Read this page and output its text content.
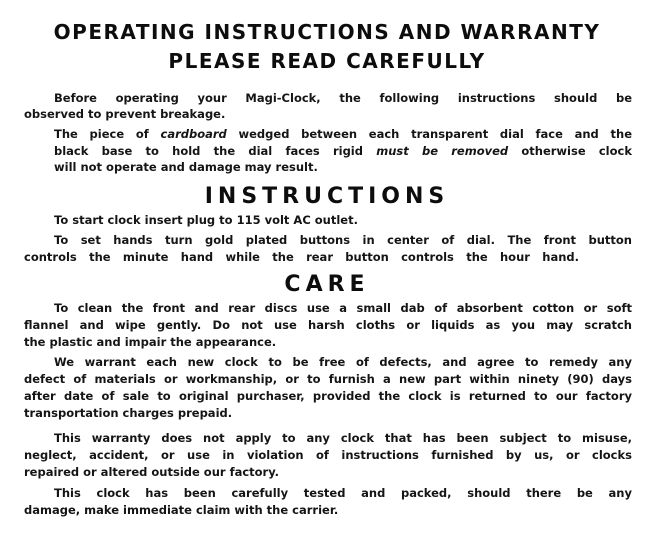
OPERATING INSTRUCTIONS AND WARRANTY
PLEASE READ CAREFULLY
Before operating your Magi-Clock, the following instructions should be
observed to prevent breakage.
The piece of cardboard wedged between each transparent dial face and the
black base to hold the dial faces rigid must be removed otherwise clock
will not operate and damage may result.
INSTRUCTIONS
To start clock insert plug to 115 volt AC outlet.
To set hands turn gold plated buttons in center of dial. The front button
controls the minute hand while the rear button controls the hour hand.
CARE
To clean the front and rear discs use a small dab of absorbent cotton or soft
flannel and wipe gently. Do not use harsh cloths or liquids as you may scratch
the plastic and impair the appearance.
We warrant each new clock to be free of defects, and agree to remedy any
defect of materials or workmanship, or to furnish a new part within ninety (90) days
after date of sale to original purchaser, provided the clock is returned to our factory
transportation charges prepaid.
This warranty does not apply to any clock that has been subject to misuse,
neglect, accident, or use in violation of instructions furnished by us, or clocks
repaired or altered outside our factory.
This clock has been carefully tested and packed, should there be any
damage, make immediate claim with the carrier.
